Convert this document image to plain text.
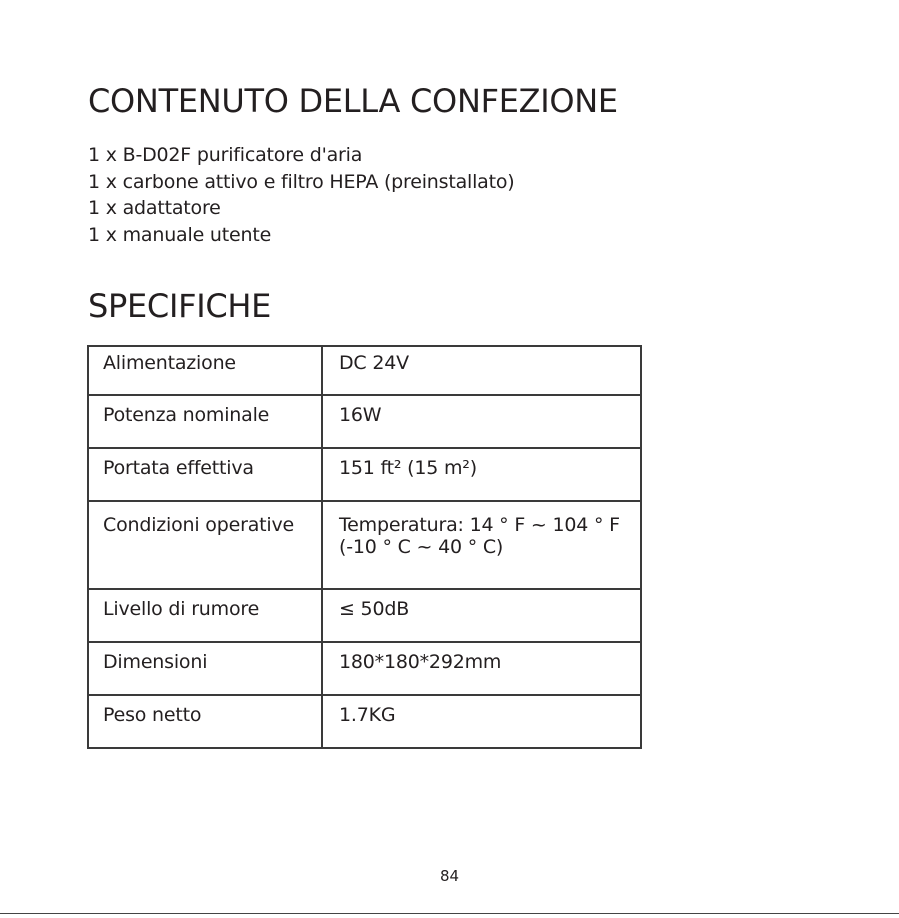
CONTENUTO DELLA CONFEZIONE
1 x B-D02F purificatore d'aria
1 x carbone attivo e filtro HEPA (preinstallato)
1 x adattatore
1 x manuale utente
SPECIFICHE
Alimentazione	DC 24V
Potenza nominale	16W
Portata effettiva	151 ft² (15 m²)
Condizioni operative	Temperatura: 14 ° F ~ 104 ° F (-10 ° C ~ 40 ° C)
Livello di rumore	≤ 50dB
Dimensioni	180*180*292mm
Peso netto	1.7KG
84
